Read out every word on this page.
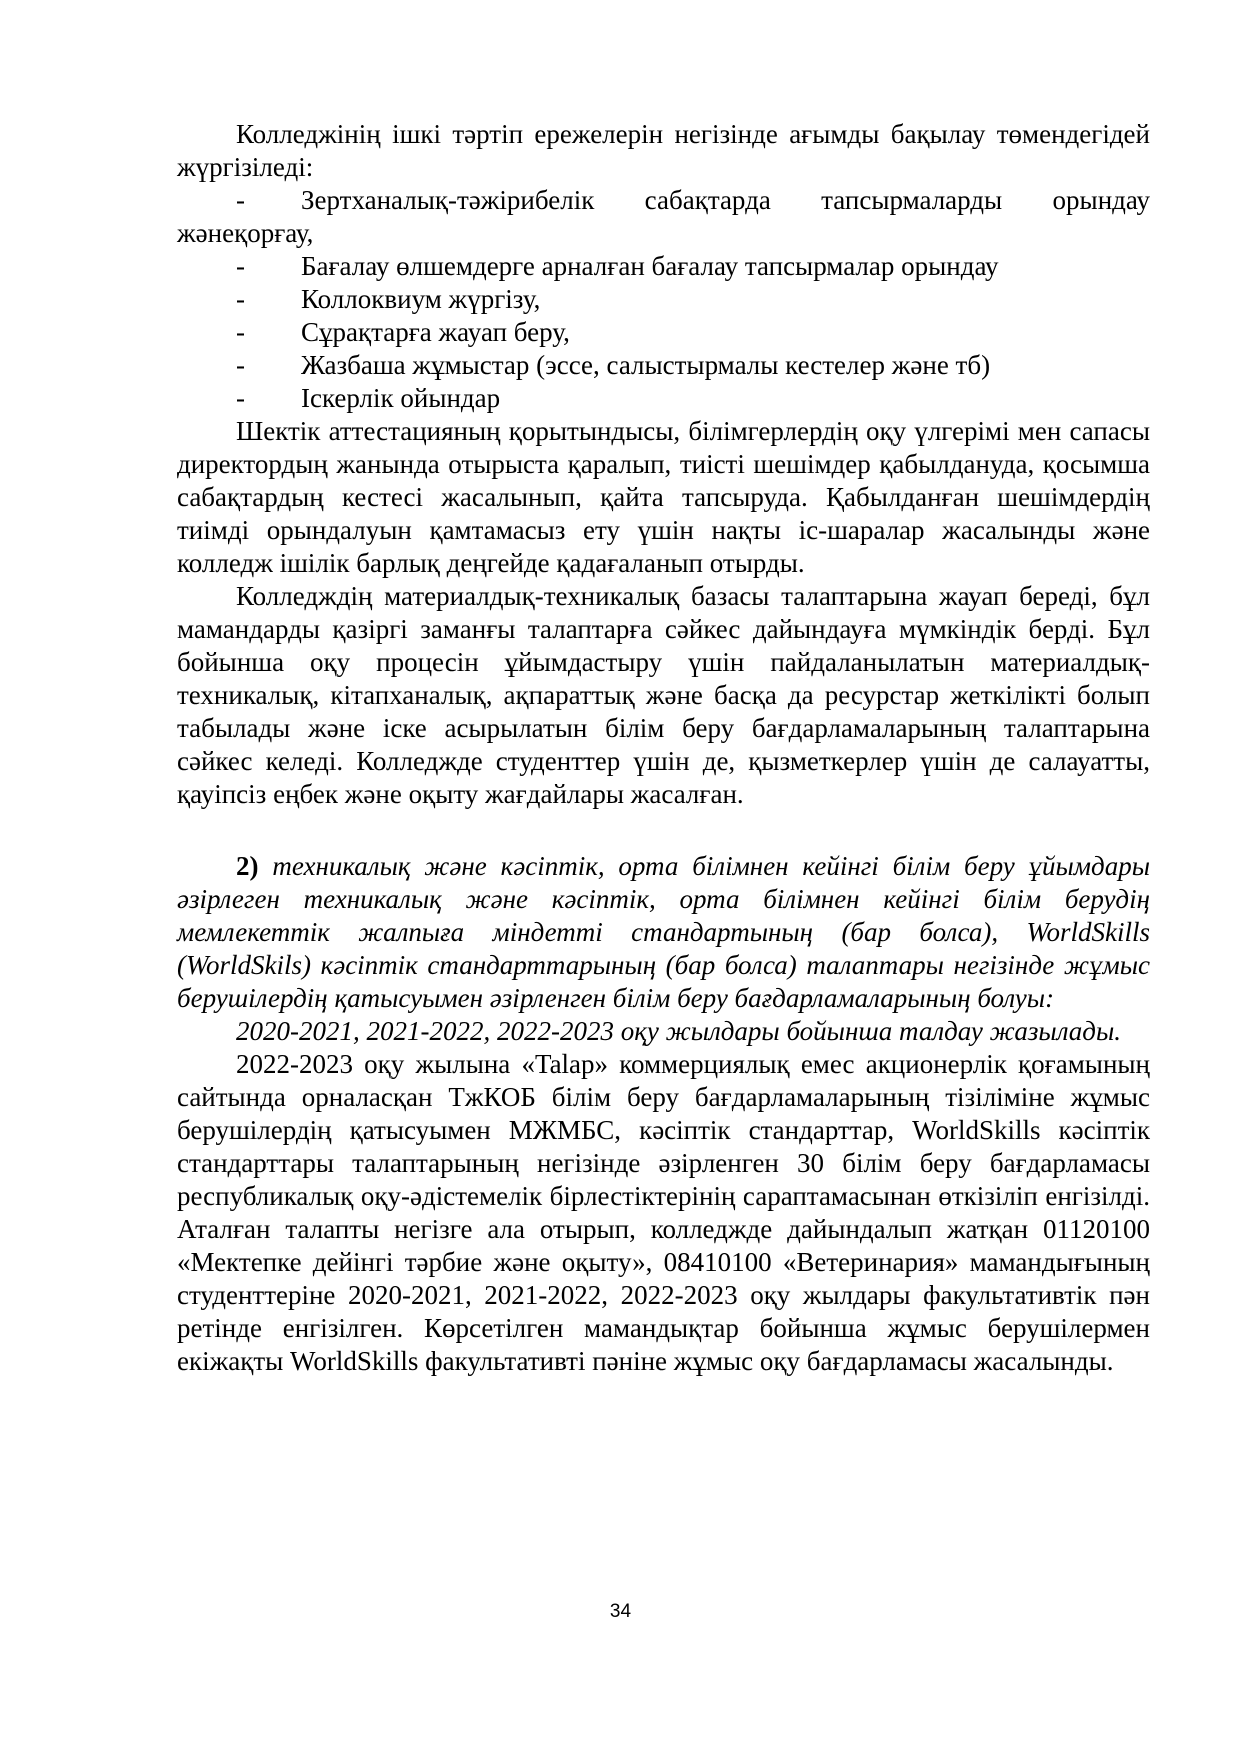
Колледжінің ішкі тәртіп ережелерін негізінде ағымды бақылау төмендегідей жүргізіледі:

- Зертханалық-тәжірибелік сабақтарда тапсырмаларды орындау жәнеқорғау,

- Бағалау өлшемдерге арналған бағалау тапсырмалар орындау

- Коллоквиум жүргізу,

- Сұрақтарға жауап беру,

- Жазбаша жұмыстар (эссе, салыстырмалы кестелер және тб)

- Іскерлік ойындар

Шектік аттестацияның қорытындысы, білімгерлердің оқу үлгерімі мен сапасы директордың жанында отырыста қаралып, тиісті шешімдер қабылдануда, қосымша сабақтардың кестесі жасалынып, қайта тапсыруда. Қабылданған шешімдердің тиімді орындалуын қамтамасыз ету үшін нақты іс-шаралар жасалынды және колледж ішілік барлық деңгейде қадағаланып отырды.

Колледждің материалдық-техникалық базасы талаптарына жауап береді, бұл мамандарды қазіргі заманғы талаптарға сәйкес дайындауға мүмкіндік берді. Бұл бойынша оқу процесін ұйымдастыру үшін пайдаланылатын материалдық-техникалық, кітапханалық, ақпараттық және басқа да ресурстар жеткілікті болып табылады және іске асырылатын білім беру бағдарламаларының талаптарына сәйкес келеді. Колледжде студенттер үшін де, қызметкерлер үшін де салауатты, қауіпсіз еңбек және оқыту жағдайлары жасалған.

2) техникалық және кәсіптік, орта білімнен кейінгі білім беру ұйымдары әзірлеген техникалық және кәсіптік, орта білімнен кейінгі білім берудің мемлекеттік жалпыға міндетті стандартының (бар болса), WorldSkills (WorldSkils) кәсіптік стандарттарының (бар болса) талаптары негізінде жұмыс берушілердің қатысуымен әзірленген білім беру бағдарламаларының болуы:

2020-2021, 2021-2022, 2022-2023 оқу жылдары бойынша талдау жазылады.

2022-2023 оқу жылына «Talap» коммерциялық емес акционерлік қоғамының сайтында орналасқан ТжКОБ білім беру бағдарламаларының тізіліміне жұмыс берушілердің қатысуымен МЖМБС, кәсіптік стандарттар, WorldSkills кәсіптік стандарттары талаптарының негізінде әзірленген 30 білім беру бағдарламасы республикалық оқу-әдістемелік бірлестіктерінің сараптамасынан өткізіліп енгізілді. Аталған талапты негізге ала отырып, колледжде дайындалып жатқан 01120100 «Мектепке дейінгі тәрбие және оқыту», 08410100 «Ветеринария» мамандығының студенттеріне 2020-2021, 2021-2022, 2022-2023 оқу жылдары факультативтік пән ретінде енгізілген. Көрсетілген мамандықтар бойынша жұмыс берушілермен екіжақты WorldSkills факультативті пәніне жұмыс оқу бағдарламасы жасалынды.

34
